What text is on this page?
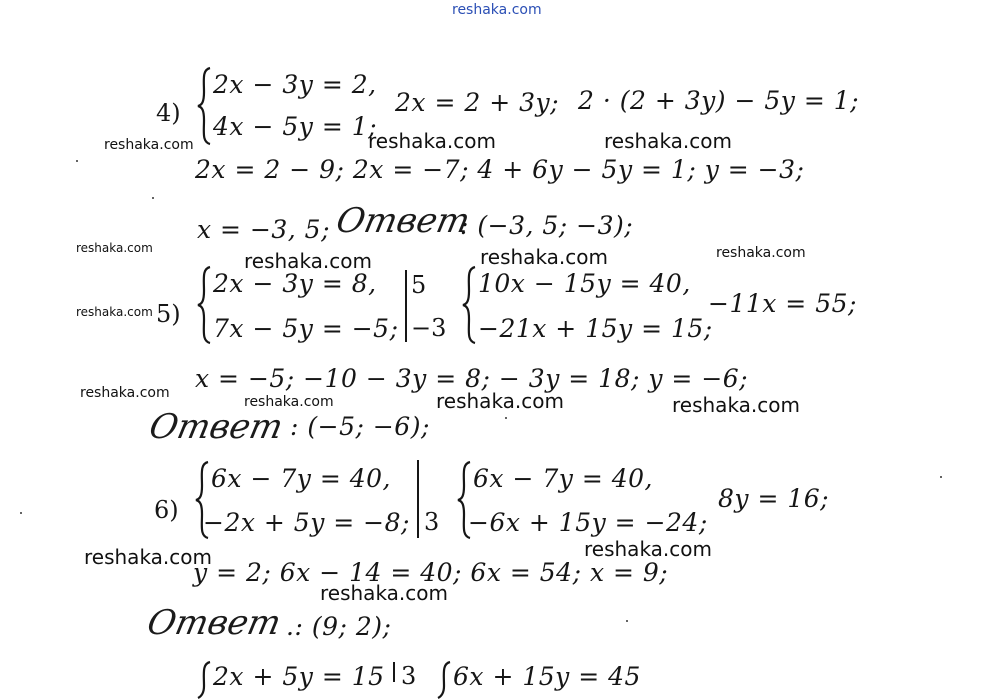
reshaka.com
4)
2x − 3y = 2,
4x − 5y = 1;
2x = 2 + 3y; 2 · (2 + 3y) − 5y = 1;
2x = 2 − 9; 2x = −7; 4 + 6y − 5y = 1; y = −3;
x = −3, 5; Ответ
: (−3, 5; −3);
5)
2x − 3y = 8,
7x − 5y = −5;
5
−3
10x − 15y = 40,
−21x + 15y = 15;
−11x = 55;
x = −5; −10 − 3y = 8; − 3y = 18; y = −6;
Ответ : (−5; −6);
6)
6x − 7y = 40,
−2x + 5y = −8; 3
6x − 7y = 40,
−6x + 15y = −24;
8y = 16;
y = 2; 6x − 14 = 40; 6x = 54; x = 9;
Ответ .: (9; 2);
2x + 5y = 15 3 6x + 15y = 45
reshaka.com	reshaka.com	reshaka.com
reshaka.com
reshaka.com	reshaka.com	reshaka.com
reshaka.com
reshaka.com
reshaka.com	reshaka.com	reshaka.com
reshaka.com	reshaka.com
reshaka.com
